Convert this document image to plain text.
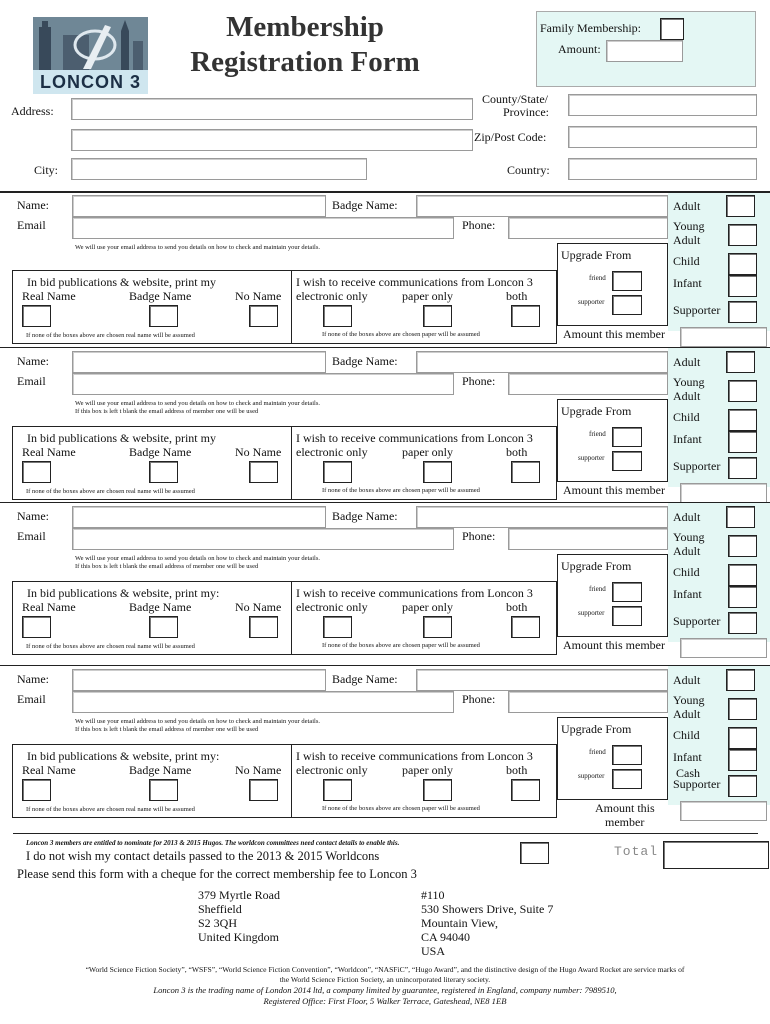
LONCON 3
Membership
Registration Form
Family Membership:
Amount:
Address:
County/State/
Province:
Zip/Post Code:
City:	Country:
Name:	Badge Name:
Email	Phone:
We will use your email address to send you details on how to check and maintain your details.
In bid publications & website, print my
Real Name	Badge Name	No Name
If none of the boxes above are chosen real name will be assumed
I wish to receive communications from Loncon 3
electronic only	paper only	both
If none of the boxes above are chosen paper will be assumed
Upgrade From
friend
supporter
Amount this member
Adult
Young
Adult
Child
Infant
Supporter
Name:	Badge Name:
Email	Phone:
We will use your email address to send you details on how to check and maintain your details.
If this box is left t blank the email address of member one will be used
In bid publications & website, print my
Real Name	Badge Name	No Name
If none of the boxes above are chosen real name will be assumed
I wish to receive communications from Loncon 3
electronic only	paper only	both
If none of the boxes above are chosen paper will be assumed
Upgrade From
friend
supporter
Amount this member
Adult
Young
Adult
Child
Infant
Supporter
Name:	Badge Name:
Email	Phone:
We will use your email address to send you details on how to check and maintain your details.
If this box is left t blank the email address of member one will be used
In bid publications & website, print my:
Real Name	Badge Name	No Name
If none of the boxes above are chosen real name will be assumed
I wish to receive communications from Loncon 3
electronic only	paper only	both
If none of the boxes above are chosen paper will be assumed
Upgrade From
friend
supporter
Amount this member
Adult
Young
Adult
Child
Infant
Supporter
Name:	Badge Name:
Email	Phone:
We will use your email address to send you details on how to check and maintain your details.
If this box is left t blank the email address of member one will be used
In bid publications & website, print my:
Real Name	Badge Name	No Name
If none of the boxes above are chosen real name will be assumed
I wish to receive communications from Loncon 3
electronic only	paper only	both
If none of the boxes above are chosen paper will be assumed
Upgrade From
friend
supporter
Amount this
member
Adult
Young
Adult
Child
Infant
Cash
Supporter
Loncon 3 members are entitled to nominate for 2013 & 2015 Hugos. The worldcon committees need contact details to enable this.
I do not wish my contact details passed to the 2013 & 2015 Worldcons	Total
Please send this form with a cheque for the correct membership fee to Loncon 3
379 Myrtle Road
Sheffield
S2 3QH
United Kingdom
#110
530 Showers Drive, Suite 7
Mountain View,
CA 94040
USA
“World Science Fiction Society”, “WSFS”, “World Science Fiction Convention”, “Worldcon”, “NASFiC”, “Hugo Award”, and the distinctive design of the Hugo Award Rocket are service marks of
the World Science Fiction Society, an unincorporated literary society.
Loncon 3 is the trading name of London 2014 ltd, a company limited by guarantee, registered in England, company number: 7989510,
Registered Office: First Floor, 5 Walker Terrace, Gateshead, NE8 1EB
